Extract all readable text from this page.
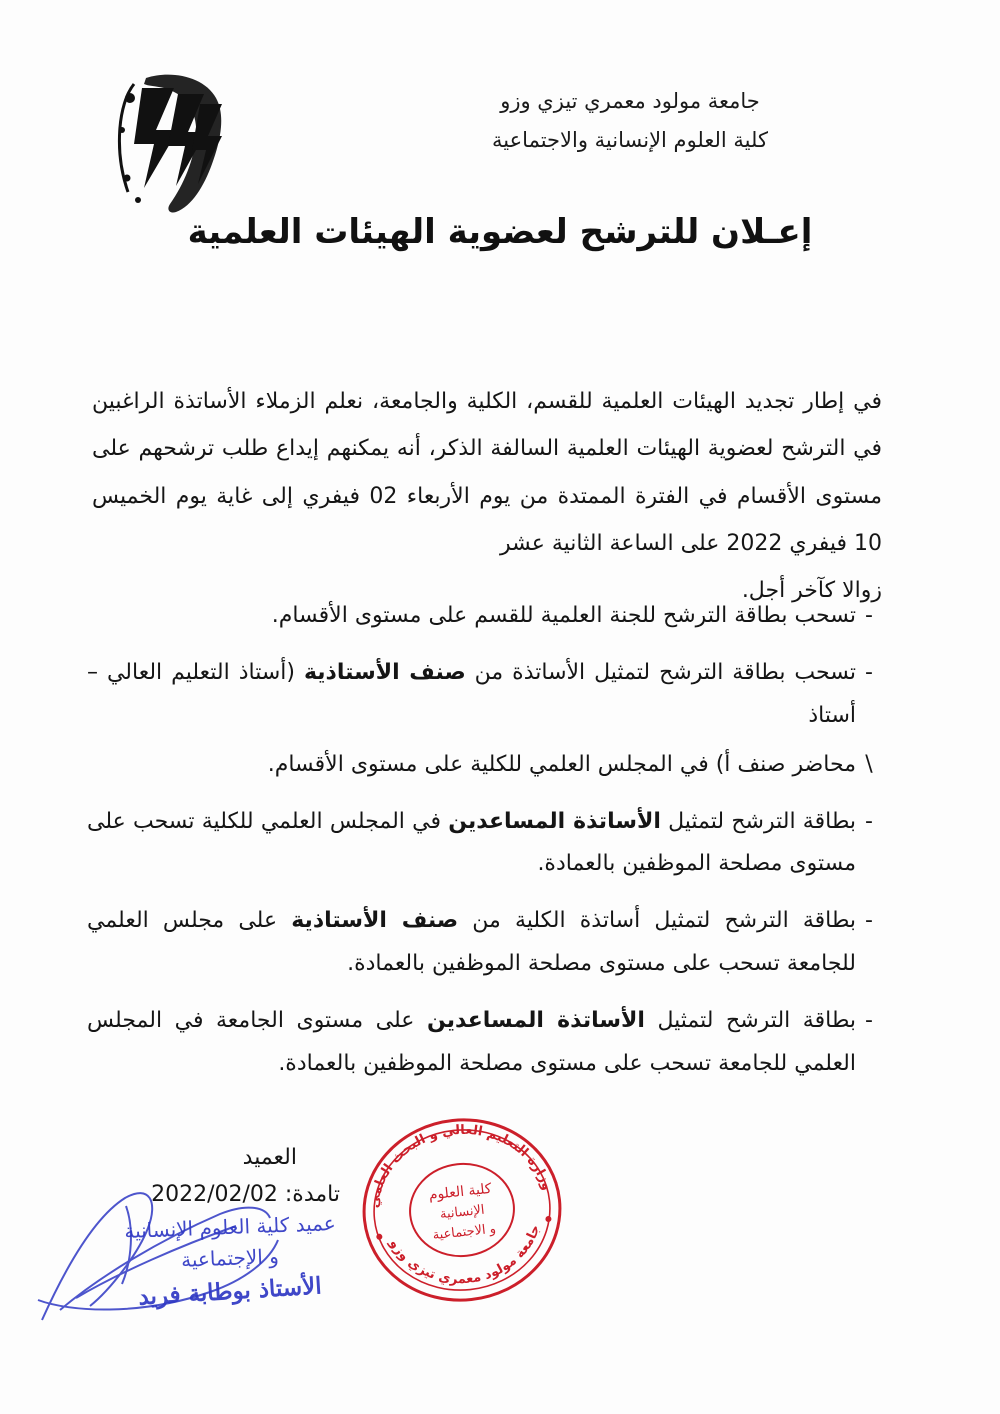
جامعة مولود معمري تيزي وزو
كلية العلوم الإنسانية والاجتماعية
إعـلان للترشح لعضوية الهيئات العلمية
في إطار تجديد الهيئات العلمية للقسم، الكلية والجامعة، نعلم الزملاء الأساتذة الراغبين في الترشح لعضوية الهيئات العلمية السالفة الذكر، أنه يمكنهم إيداع طلب ترشحهم على مستوى الأقسام في الفترة الممتدة من يوم الأربعاء 02 فيفري إلى غاية يوم الخميس 10 فيفري 2022 على الساعة الثانية عشر
زوالا كآخر أجل.
-
تسحب بطاقة الترشح للجنة العلمية للقسم على مستوى الأقسام.
-
تسحب بطاقة الترشح لتمثيل الأساتذة من صنف الأستاذية (أستاذ التعليم العالي – أستاذ
\
محاضر صنف أ) في المجلس العلمي للكلية على مستوى الأقسام.
-
بطاقة الترشح لتمثيل الأساتذة المساعدين في المجلس العلمي للكلية تسحب على مستوى مصلحة الموظفين بالعمادة.
-
بطاقة الترشح لتمثيل أساتذة الكلية من صنف الأستاذية على مجلس العلمي للجامعة تسحب على مستوى مصلحة الموظفين بالعمادة.
-
بطاقة الترشح لتمثيل الأساتذة المساعدين على مستوى الجامعة في المجلس العلمي للجامعة تسحب على مستوى مصلحة الموظفين بالعمادة.
العميد
تامدة: 2022/02/02
عميد كلية العلوم الإنسانية
و الإجتماعية
الأستاذ بوطابة فريد
وزارة التعليم العالي و البحث العلمي
جامعة مولود معمري تيزي وزو
كلية العلوم
الإنسانية
و الاجتماعية
